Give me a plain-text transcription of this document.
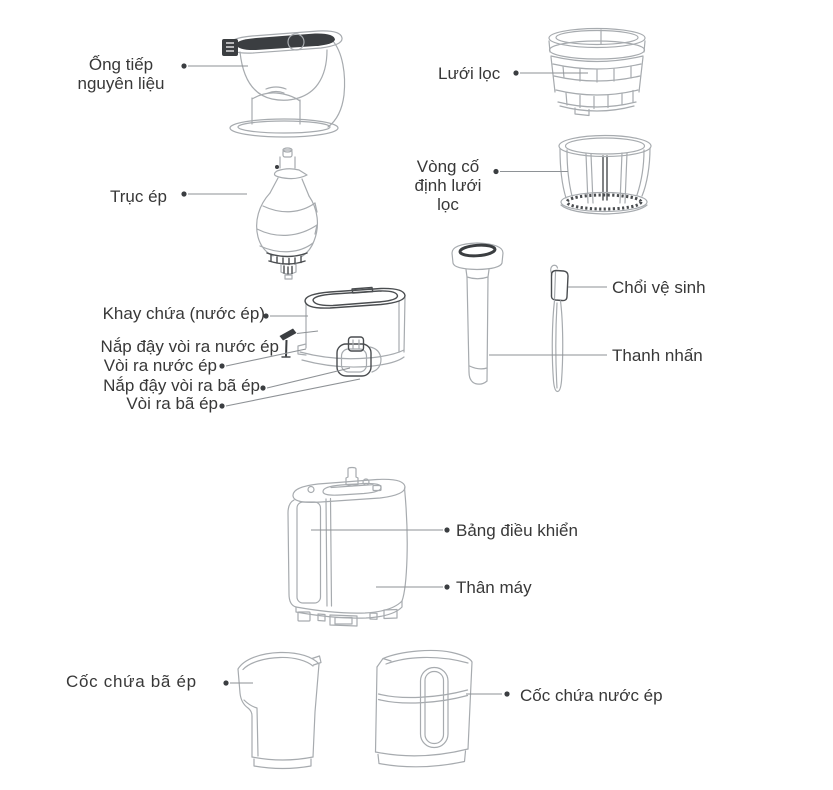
Ống tiếp
nguyên liệu
Lưới lọc
Trục ép
Vòng cố
định lưới lọc
Khay chứa (nước ép)
Nắp đậy vòi ra nước ép
Vòi ra nước ép
Nắp đậy vòi ra bã ép
Vòi ra bã ép
Chổi vệ sinh
Thanh nhấn
Bảng điều khiển
Thân máy
Cốc chứa bã ép
Cốc chứa nước ép
